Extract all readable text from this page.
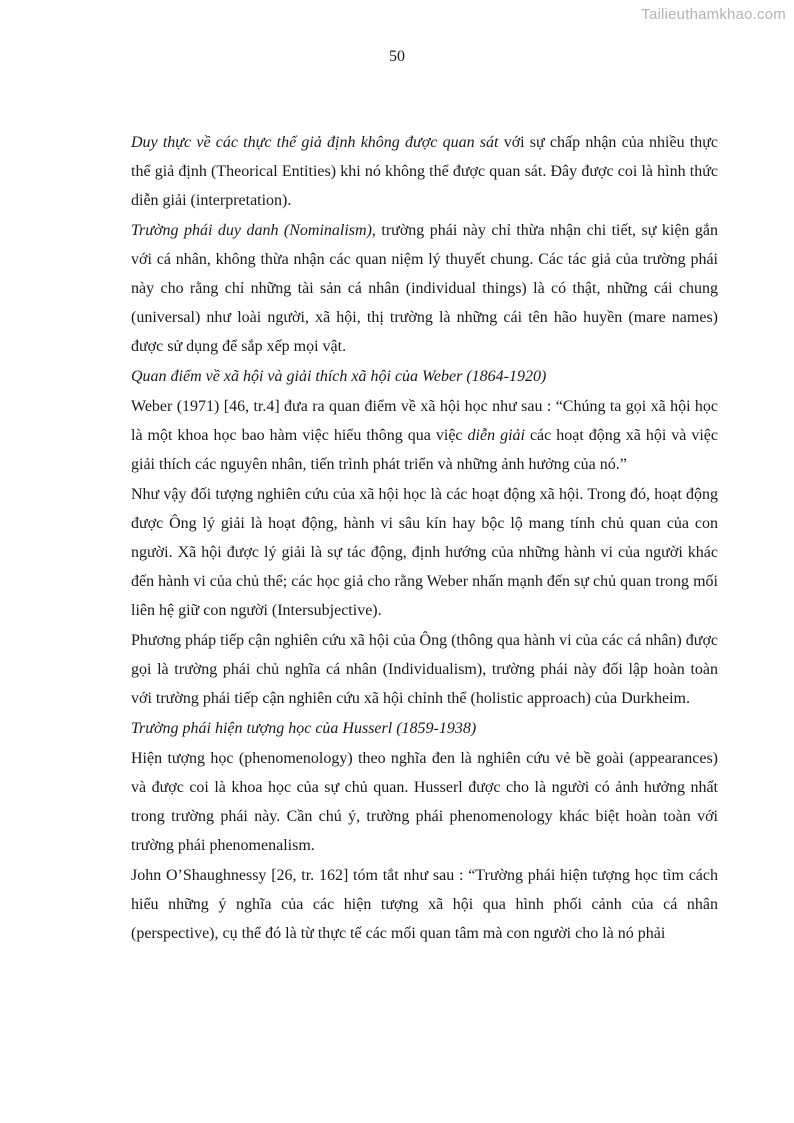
Tailieuthamkhao.com
50

Duy thực về các thực thể giả định không được quan sát với sự chấp nhận của nhiều thực thể giả định (Theorical Entities) khi nó không thể được quan sát. Đây được coi là hình thức diễn giải (interpretation).

Trường phái duy danh (Nominalism), trường phái này chỉ thừa nhận chi tiết, sự kiện gắn với cá nhân, không thừa nhận các quan niệm lý thuyết chung. Các tác giả của trường phái này cho rằng chỉ những tài sản cá nhân (individual things) là có thật, những cái chung (universal) như loài người, xã hội, thị trường là những cái tên hão huyền (mare names) được sử dụng để sắp xếp mọi vật.

Quan điểm về xã hội và giải thích xã hội của Weber (1864-1920)

Weber (1971) [46, tr.4] đưa ra quan điểm về xã hội học như sau : “Chúng ta gọi xã hội học là một khoa học bao hàm việc hiểu thông qua việc diễn giải các hoạt động xã hội và việc giải thích các nguyên nhân, tiến trình phát triển và những ảnh hưởng của nó.”

Như vậy đối tượng nghiên cứu của xã hội học là các hoạt động xã hội. Trong đó, hoạt động được Ông lý giải là hoạt động, hành vi sâu kín hay bộc lộ mang tính chủ quan của con người. Xã hội được lý giải là sự tác động, định hướng của những hành vi của người khác đến hành vi của chủ thể; các học giả cho rằng Weber nhấn mạnh đến sự chủ quan trong mối liên hệ giữ con người (Intersubjective).

Phương pháp tiếp cận nghiên cứu xã hội của Ông (thông qua hành vi của các cá nhân) được gọi là trường phái chủ nghĩa cá nhân (Individualism), trường phái này đối lập hoàn toàn với trường phái tiếp cận nghiên cứu xã hội chỉnh thể (holistic approach) của Durkheim.

Trường phái hiện tượng học của Husserl (1859-1938)

Hiện tượng học (phenomenology) theo nghĩa đen là nghiên cứu vẻ bề goài (appearances) và được coi là khoa học của sự chủ quan. Husserl được cho là người có ảnh hưởng nhất trong trường phái này. Cần chú ý, trường phái phenomenology khác biệt hoàn toàn với trường phái phenomenalism.

John O’Shaughnessy [26, tr. 162] tóm tắt như sau : “Trường phái hiện tượng học tìm cách hiểu những ý nghĩa của các hiện tượng xã hội qua hình phối cảnh của cá nhân (perspective), cụ thể đó là từ thực tế các mối quan tâm mà con người cho là nó phải
